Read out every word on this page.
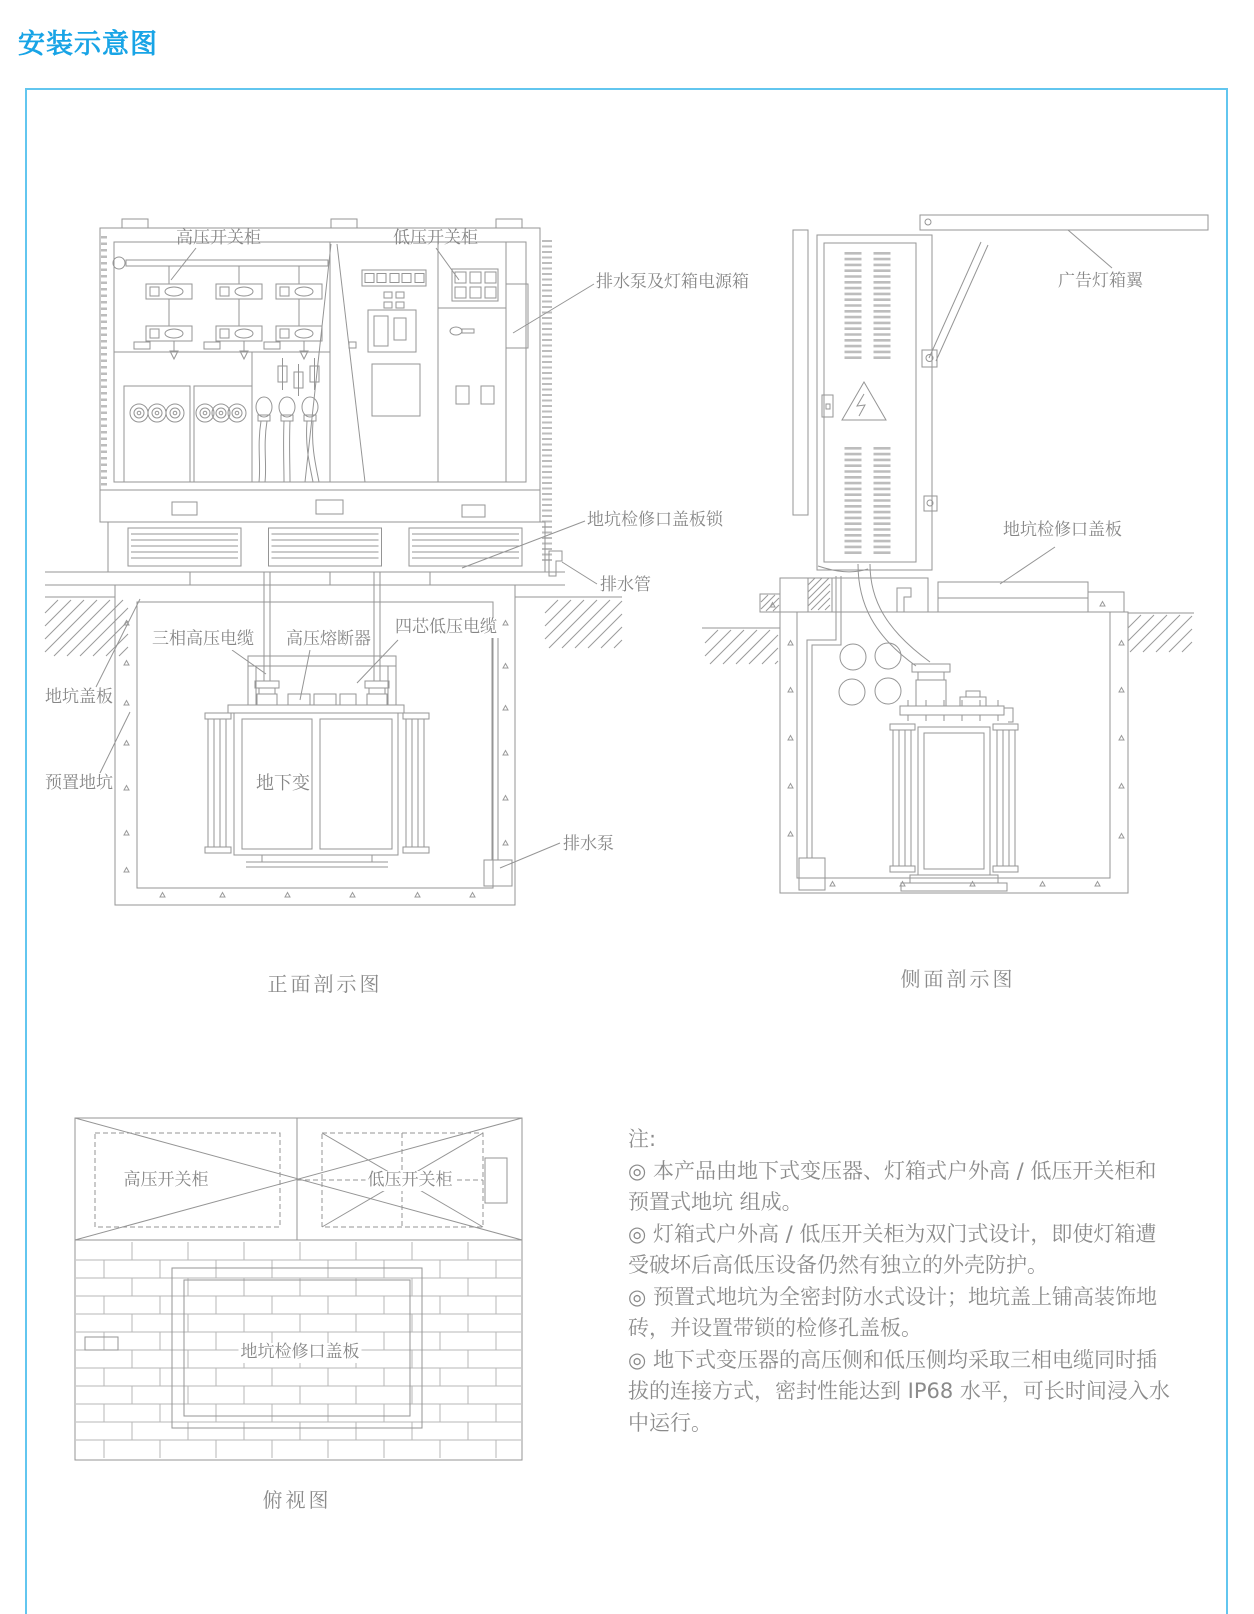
安装示意图
高压开关柜	低压开关柜
排水泵及灯箱电源箱
地坑检修口盖板锁
排水管
三相高压电缆 高压熔断器
四芯低压电缆
地坑盖板
预置地坑	地下变
排水泵
正面剖示图
广告灯箱翼
地坑检修口盖板
侧面剖示图
高压开关柜	低压开关柜
地坑检修口盖板
俯视图
注:

◎ 本产品由地下式变压器、灯箱式户外高 / 低压开关柜和预置式地坑 组成。

◎ 灯箱式户外高 / 低压开关柜为双门式设计，即使灯箱遭受破坏后高低压设备仍然有独立的外壳防护。

◎ 预置式地坑为全密封防水式设计；地坑盖上铺高装饰地砖，并设置带锁的检修孔盖板。

◎ 地下式变压器的高压侧和低压侧均采取三相电缆同时插拔的连接方式，密封性能达到 IP68 水平，可长时间浸入水中运行。
